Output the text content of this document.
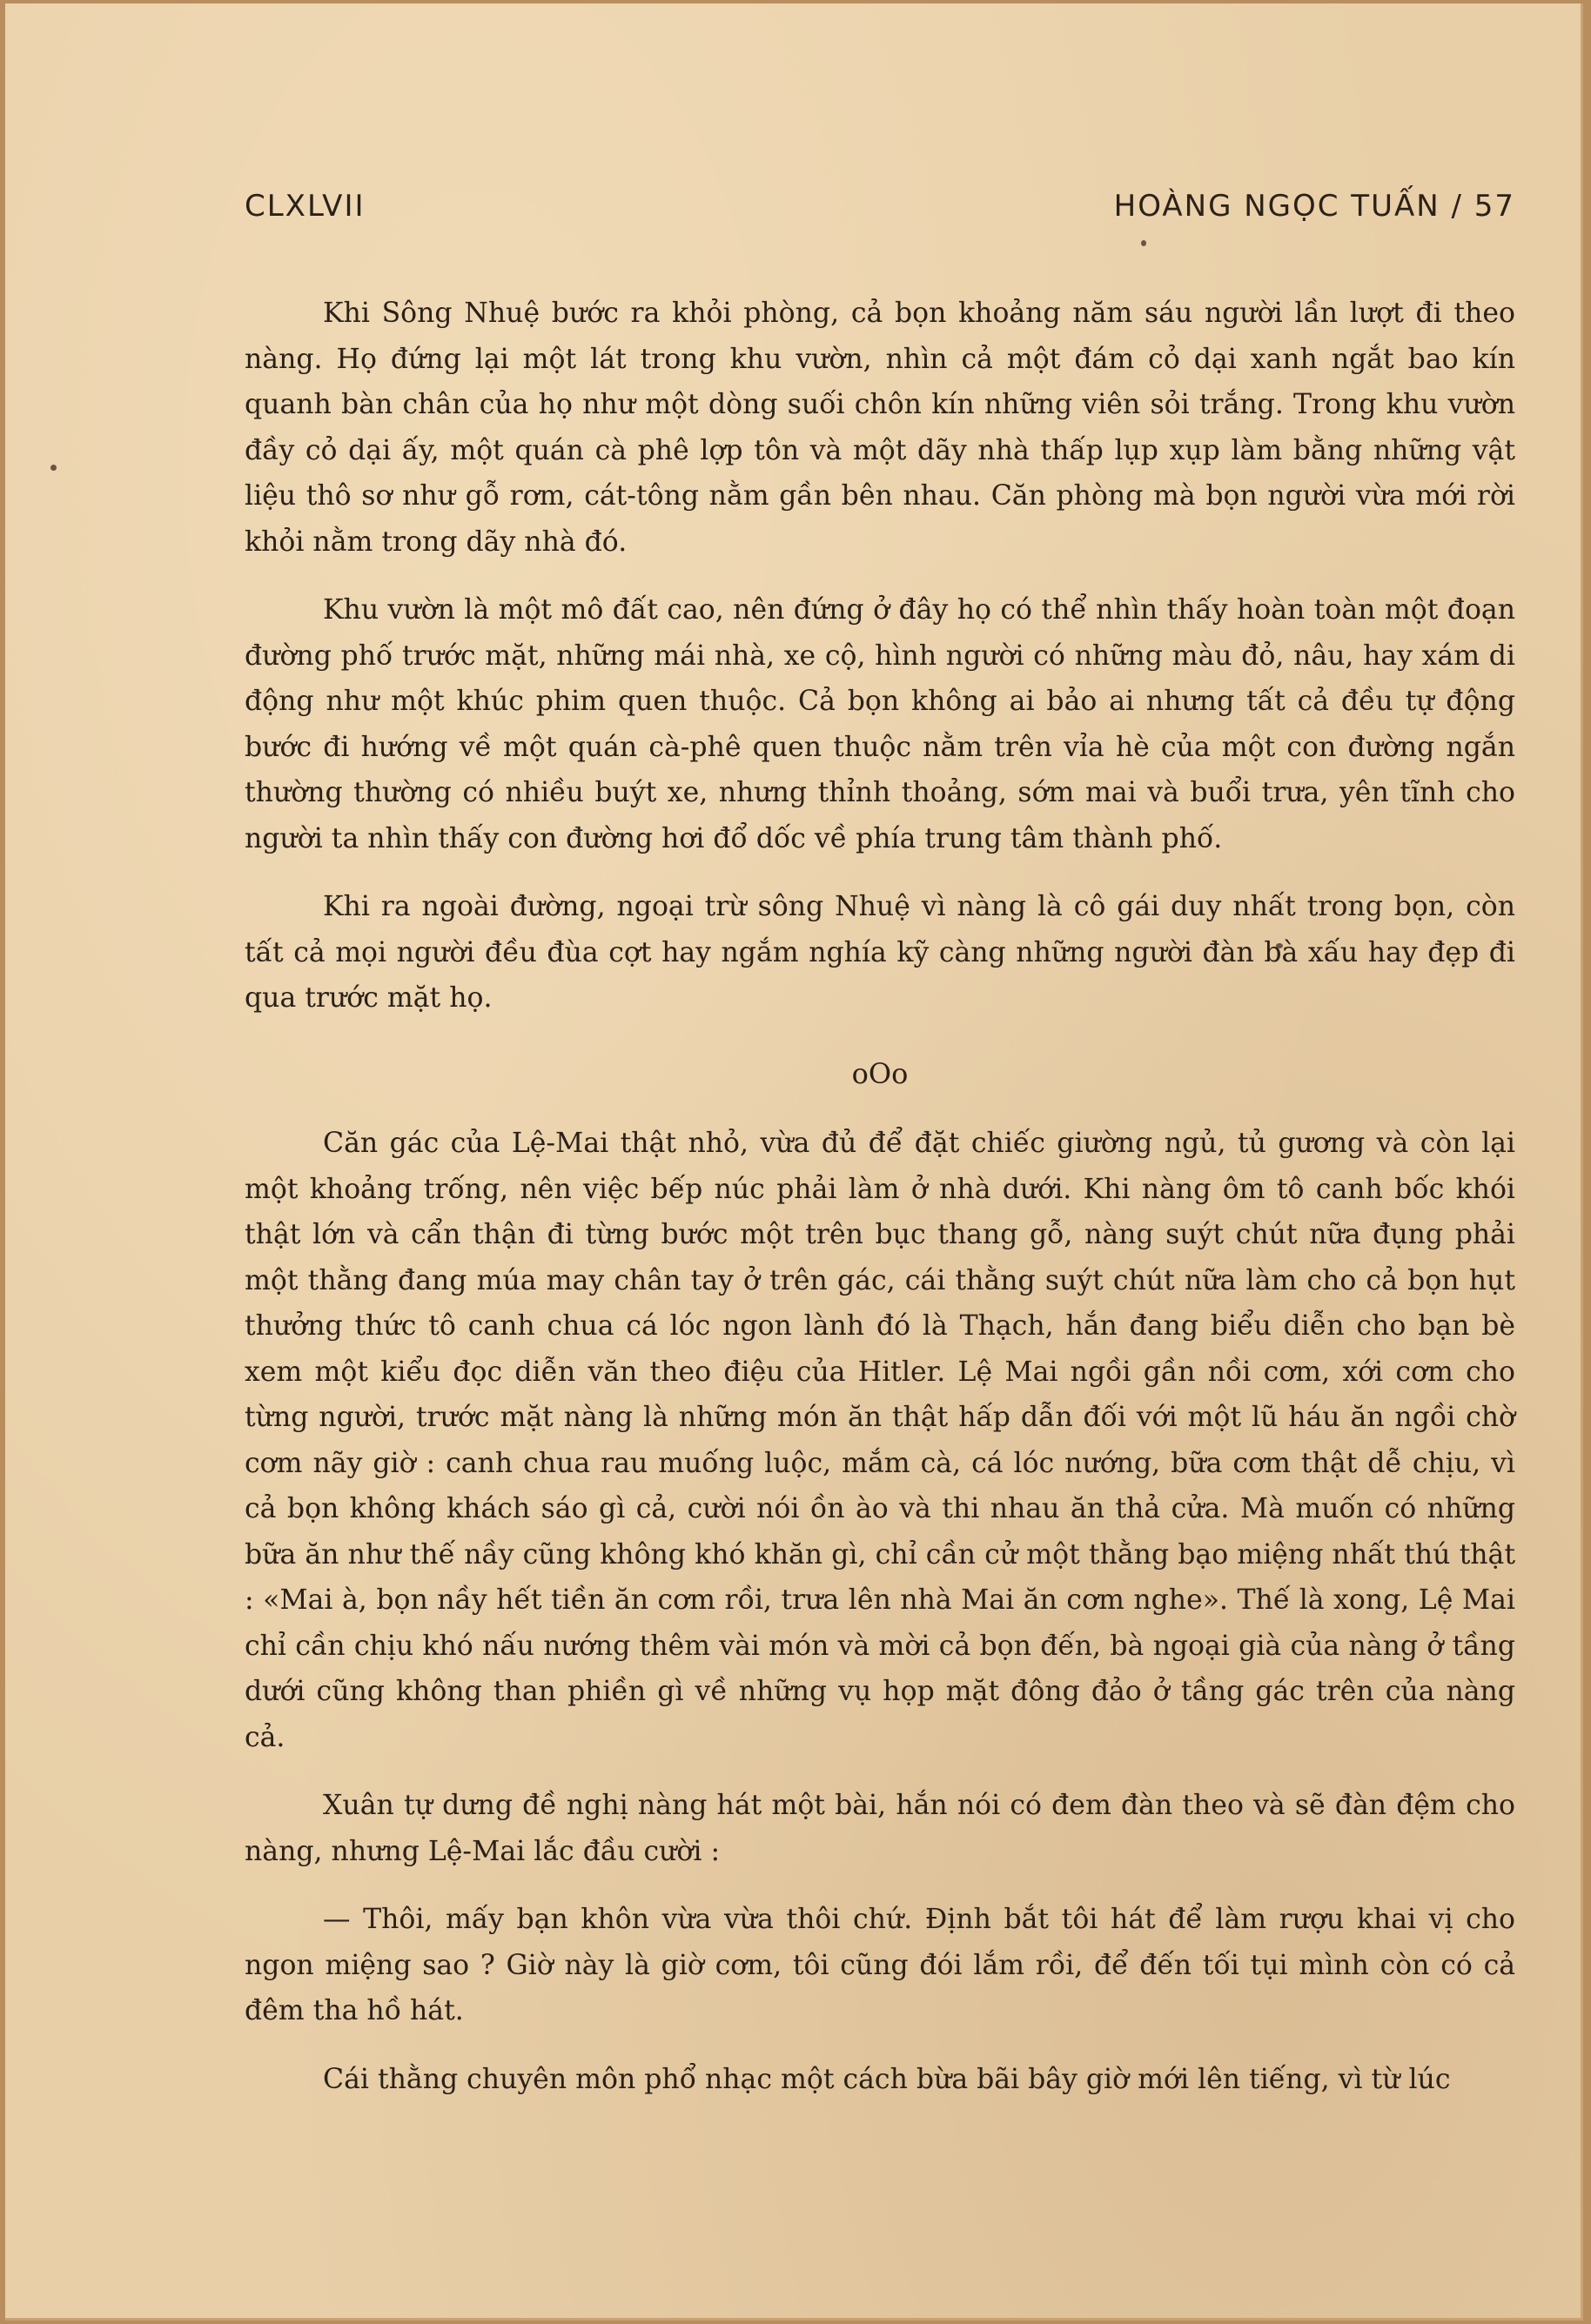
CLXLVII	HOÀNG NGỌC TUẤN / 57

Khi Sông Nhuệ bước ra khỏi phòng, cả bọn khoảng năm sáu người lần lượt đi theo nàng. Họ đứng lại một lát trong khu vườn, nhìn cả một đám cỏ dại xanh ngắt bao kín quanh bàn chân của họ như một dòng suối chôn kín những viên sỏi trắng. Trong khu vườn đầy cỏ dại ấy, một quán cà phê lợp tôn và một dãy nhà thấp lụp xụp làm bằng những vật liệu thô sơ như gỗ rơm, cát-tông nằm gần bên nhau. Căn phòng mà bọn người vừa mới rời khỏi nằm trong dãy nhà đó.

Khu vườn là một mô đất cao, nên đứng ở đây họ có thể nhìn thấy hoàn toàn một đoạn đường phố trước mặt, những mái nhà, xe cộ, hình người có những màu đỏ, nâu, hay xám di động như một khúc phim quen thuộc. Cả bọn không ai bảo ai nhưng tất cả đều tự động bước đi hướng về một quán cà-phê quen thuộc nằm trên vỉa hè của một con đường ngắn thường thường có nhiều buýt xe, nhưng thỉnh thoảng, sớm mai và buổi trưa, yên tĩnh cho người ta nhìn thấy con đường hơi đổ dốc về phía trung tâm thành phố.

Khi ra ngoài đường, ngoại trừ sông Nhuệ vì nàng là cô gái duy nhất trong bọn, còn tất cả mọi người đều đùa cợt hay ngắm nghía kỹ càng những người đàn bà xấu hay đẹp đi qua trước mặt họ.

oOo

Căn gác của Lệ-Mai thật nhỏ, vừa đủ để đặt chiếc giường ngủ, tủ gương và còn lại một khoảng trống, nên việc bếp núc phải làm ở nhà dưới. Khi nàng ôm tô canh bốc khói thật lớn và cẩn thận đi từng bước một trên bục thang gỗ, nàng suýt chút nữa đụng phải một thằng đang múa may chân tay ở trên gác, cái thằng suýt chút nữa làm cho cả bọn hụt thưởng thức tô canh chua cá lóc ngon lành đó là Thạch, hắn đang biểu diễn cho bạn bè xem một kiểu đọc diễn văn theo điệu của Hitler. Lệ Mai ngồi gần nồi cơm, xới cơm cho từng người, trước mặt nàng là những món ăn thật hấp dẫn đối với một lũ háu ăn ngồi chờ cơm nãy giờ : canh chua rau muống luộc, mắm cà, cá lóc nướng, bữa cơm thật dễ chịu, vì cả bọn không khách sáo gì cả, cười nói ồn ào và thi nhau ăn thả cửa. Mà muốn có những bữa ăn như thế nầy cũng không khó khăn gì, chỉ cần cử một thằng bạo miệng nhất thú thật : «Mai à, bọn nầy hết tiền ăn cơm rồi, trưa lên nhà Mai ăn cơm nghe». Thế là xong, Lệ Mai chỉ cần chịu khó nấu nướng thêm vài món và mời cả bọn đến, bà ngoại già của nàng ở tầng dưới cũng không than phiền gì về những vụ họp mặt đông đảo ở tầng gác trên của nàng cả.

Xuân tự dưng đề nghị nàng hát một bài, hắn nói có đem đàn theo và sẽ đàn đệm cho nàng, nhưng Lệ-Mai lắc đầu cười :

— Thôi, mấy bạn khôn vừa vừa thôi chứ. Định bắt tôi hát để làm rượu khai vị cho ngon miệng sao ? Giờ này là giờ cơm, tôi cũng đói lắm rồi, để đến tối tụi mình còn có cả đêm tha hồ hát.

Cái thằng chuyên môn phổ nhạc một cách bừa bãi bây giờ mới lên tiếng, vì từ lúc
